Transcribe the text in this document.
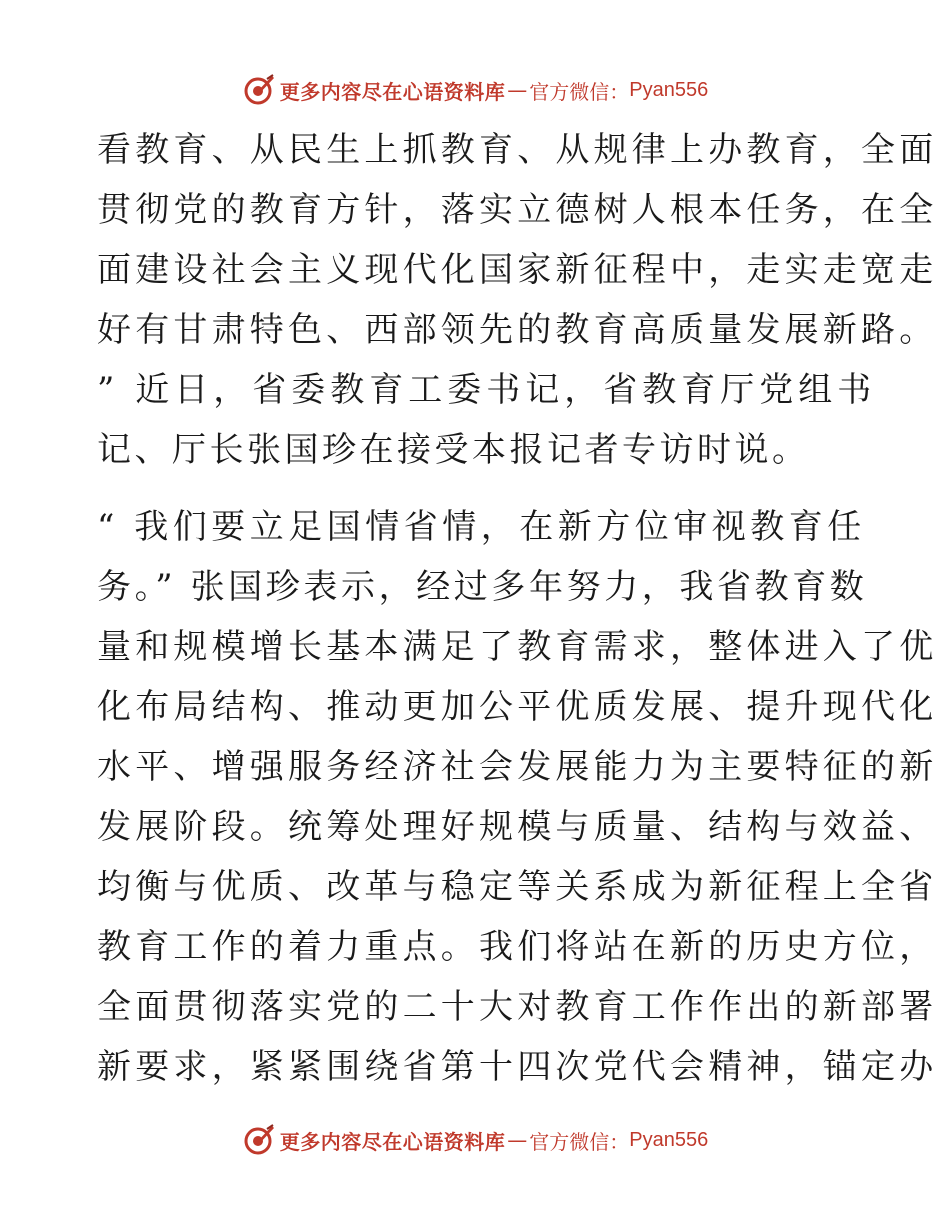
更多内容尽在心语资料库 — 官方微信： Pyan556
看教育、从民生上抓教育、从规律上办教育，全面
贯彻党的教育方针，落实立德树人根本任务，在全
面建设社会主义现代化国家新征程中，走实走宽走
好有甘肃特色、西部领先的教育高质量发展新路。
” 近日，省委教育工委书记，省教育厅党组书
记、厅长张国珍在接受本报记者专访时说。
“ 我们要立足国情省情，在新方位审视教育任
务。” 张国珍表示，经过多年努力，我省教育数
量和规模增长基本满足了教育需求，整体进入了优
化布局结构、推动更加公平优质发展、提升现代化
水平、增强服务经济社会发展能力为主要特征的新
发展阶段。统筹处理好规模与质量、结构与效益、
均衡与优质、改革与稳定等关系成为新征程上全省
教育工作的着力重点。我们将站在新的历史方位，
全面贯彻落实党的二十大对教育工作作出的新部署
新要求，紧紧围绕省第十四次党代会精神，锚定办
更多内容尽在心语资料库 — 官方微信： Pyan556
